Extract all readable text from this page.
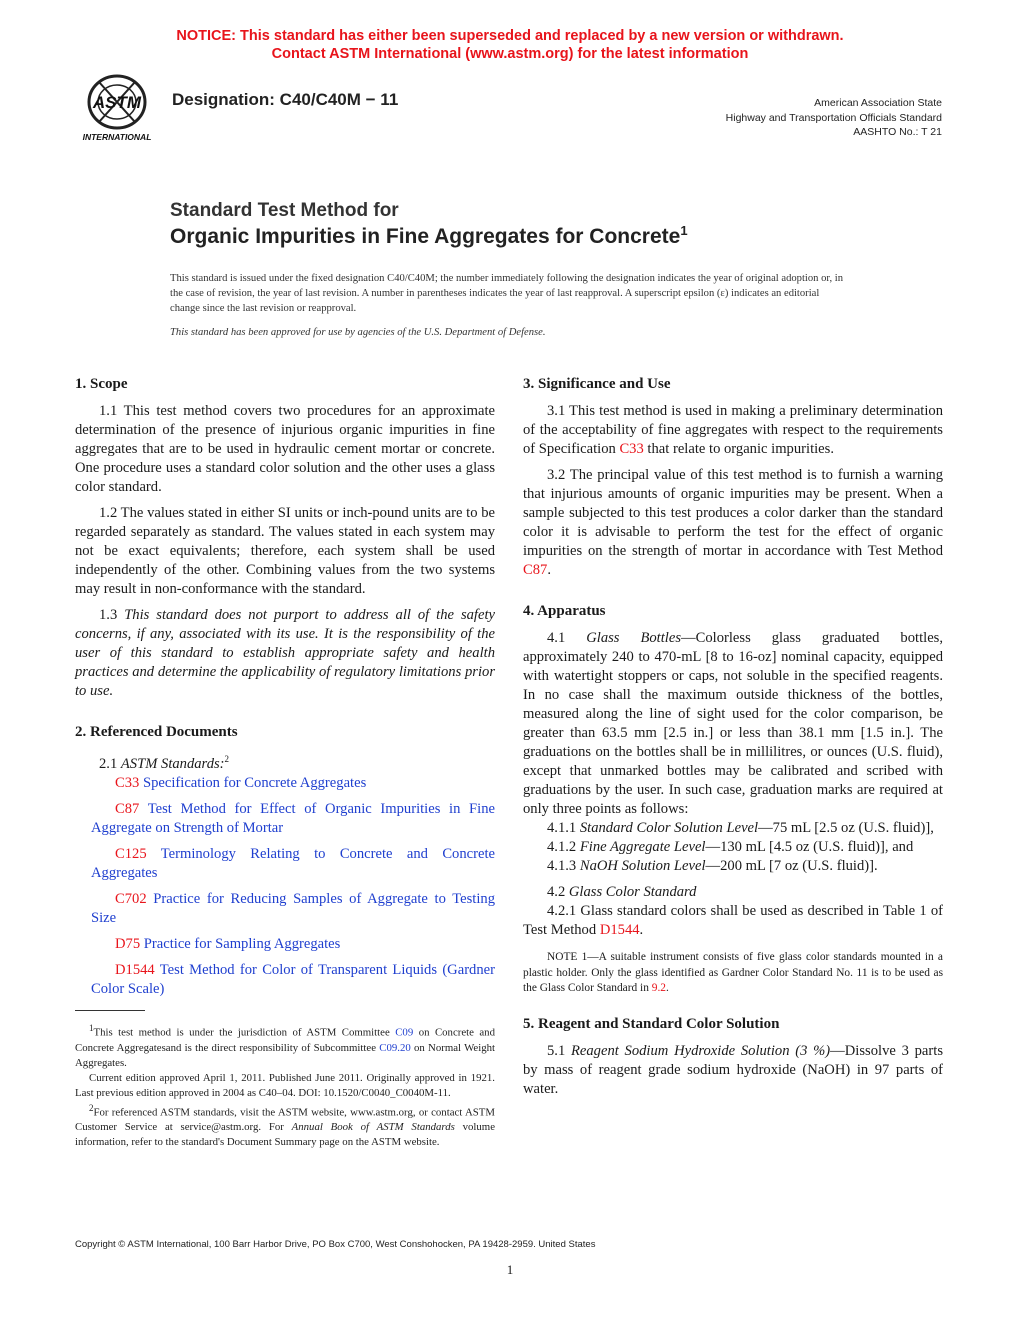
NOTICE: This standard has either been superseded and replaced by a new version or withdrawn.
Contact ASTM International (www.astm.org) for the latest information
ASTM
INTERNATIONAL
Designation: C40/C40M − 11	American Association State
Highway and Transportation Officials Standard
AASHTO No.: T 21
Standard Test Method for
Organic Impurities in Fine Aggregates for Concrete$^1$
This standard is issued under the fixed designation C40/C40M; the number immediately following the designation indicates the year of original adoption or, in the case of revision, the year of last revision. A number in parentheses indicates the year of last reapproval. A superscript epsilon (ε) indicates an editorial change since the last revision or reapproval.
This standard has been approved for use by agencies of the U.S. Department of Defense.
1. Scope

1.1 This test method covers two procedures for an approximate determination of the presence of injurious organic impurities in fine aggregates that are to be used in hydraulic cement mortar or concrete. One procedure uses a standard color solution and the other uses a glass color standard.

1.2 The values stated in either SI units or inch-pound units are to be regarded separately as standard. The values stated in each system may not be exact equivalents; therefore, each system shall be used independently of the other. Combining values from the two systems may result in non-conformance with the standard.

1.3 This standard does not purport to address all of the safety concerns, if any, associated with its use. It is the responsibility of the user of this standard to establish appropriate safety and health practices and determine the applicability of regulatory limitations prior to use.

2. Referenced Documents

2.1 ASTM Standards:$^2$

C33 Specification for Concrete Aggregates

C87 Test Method for Effect of Organic Impurities in Fine Aggregate on Strength of Mortar

C125 Terminology Relating to Concrete and Concrete Aggregates

C702 Practice for Reducing Samples of Aggregate to Testing Size

D75 Practice for Sampling Aggregates

D1544 Test Method for Color of Transparent Liquids (Gardner Color Scale)

$^1$This test method is under the jurisdiction of ASTM Committee C09 on Concrete and Concrete Aggregatesand is the direct responsibility of Subcommittee C09.20 on Normal Weight Aggregates.

Current edition approved April 1, 2011. Published June 2011. Originally approved in 1921. Last previous edition approved in 2004 as C40–04. DOI: 10.1520/C0040_C0040M-11.

$^2$For referenced ASTM standards, visit the ASTM website, www.astm.org, or contact ASTM Customer Service at service@astm.org. For Annual Book of ASTM Standards volume information, refer to the standard's Document Summary page on the ASTM website.

3. Significance and Use

3.1 This test method is used in making a preliminary determination of the acceptability of fine aggregates with respect to the requirements of Specification C33 that relate to organic impurities.

3.2 The principal value of this test method is to furnish a warning that injurious amounts of organic impurities may be present. When a sample subjected to this test produces a color darker than the standard color it is advisable to perform the test for the effect of organic impurities on the strength of mortar in accordance with Test Method C87.

4. Apparatus

4.1 Glass Bottles—Colorless glass graduated bottles, approximately 240 to 470-mL [8 to 16-oz] nominal capacity, equipped with watertight stoppers or caps, not soluble in the specified reagents. In no case shall the maximum outside thickness of the bottles, measured along the line of sight used for the color comparison, be greater than 63.5 mm [2.5 in.] or less than 38.1 mm [1.5 in.]. The graduations on the bottles shall be in millilitres, or ounces (U.S. fluid), except that unmarked bottles may be calibrated and scribed with graduations by the user. In such case, graduation marks are required at only three points as follows:

4.1.1 Standard Color Solution Level—75 mL [2.5 oz (U.S. fluid)],

4.1.2 Fine Aggregate Level—130 mL [4.5 oz (U.S. fluid)], and

4.1.3 NaOH Solution Level—200 mL [7 oz (U.S. fluid)].

4.2 Glass Color Standard

4.2.1 Glass standard colors shall be used as described in Table 1 of Test Method D1544.

NOTE 1—A suitable instrument consists of five glass color standards mounted in a plastic holder. Only the glass identified as Gardner Color Standard No. 11 is to be used as the Glass Color Standard in 9.2.

5. Reagent and Standard Color Solution

5.1 Reagent Sodium Hydroxide Solution (3 %)—Dissolve 3 parts by mass of reagent grade sodium hydroxide (NaOH) in 97 parts of water.

Copyright © ASTM International, 100 Barr Harbor Drive, PO Box C700, West Conshohocken, PA 19428-2959. United States
1
